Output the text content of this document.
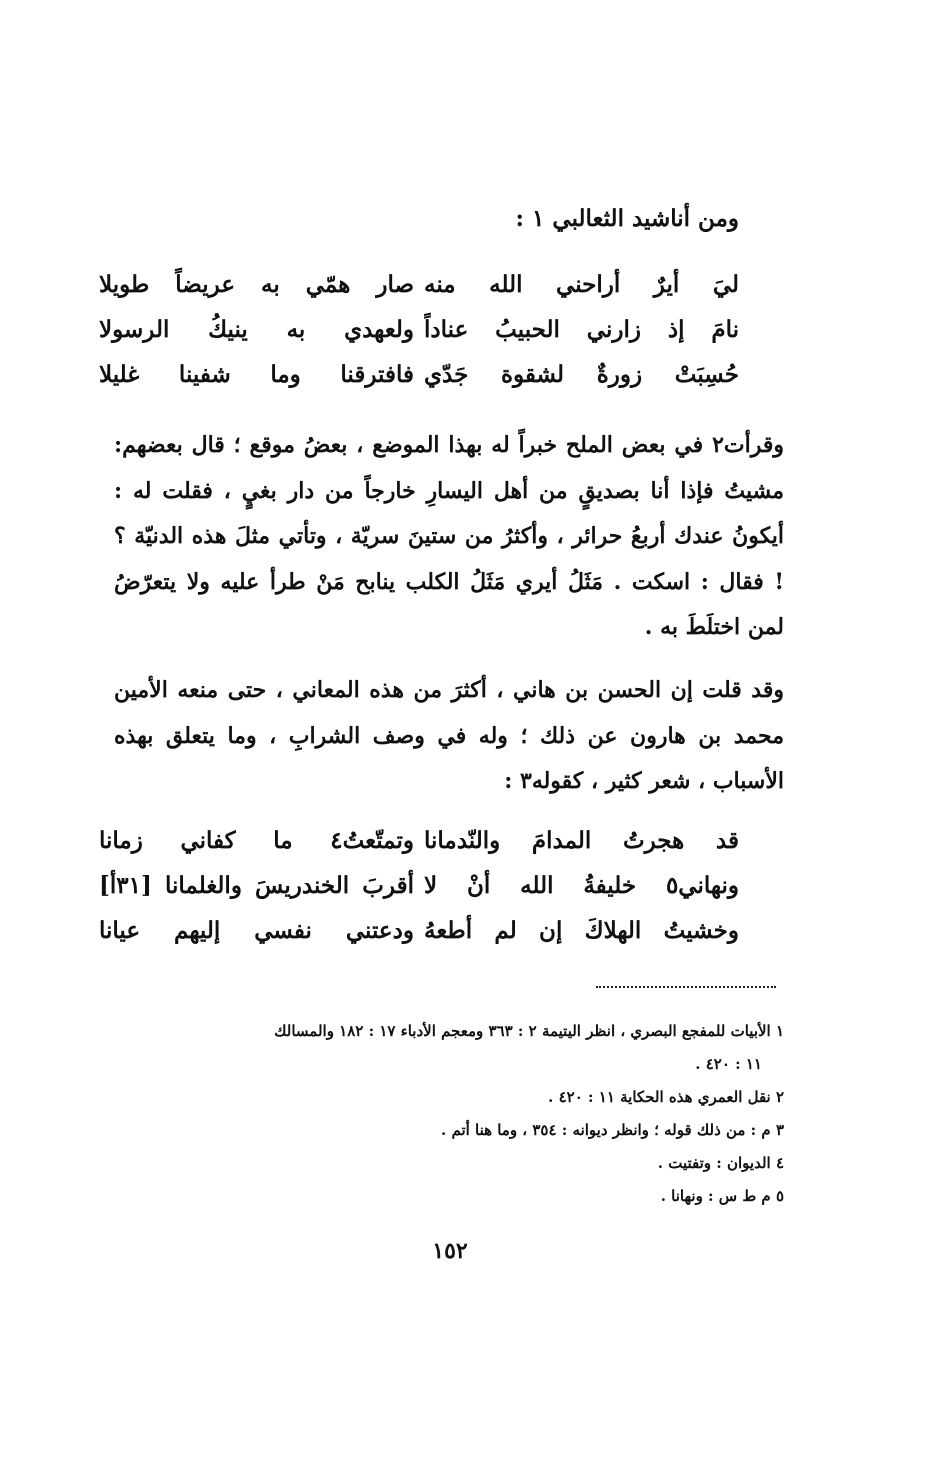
ومن أناشيد الثعالبي ١ :
ليَ أيرٌ أراحني الله منه
صار همّي به عريضاً طويلا
نامَ إذ زارني الحبيبُ عناداً
ولعهدي به ينيكُ الرسولا
حُسِبَتْ زورةٌ لشقوة جَدّي
فافترقنا وما شفينا غليلا

وقرأت٢ في بعض الملح خبراً له بهذا الموضع ، بعضُ موقع ؛ قال بعضهم: مشيتُ فإذا أنا بصديقٍ من أهل اليسارِ خارجاً من دار بغيٍ ، فقلت له : أيكونُ عندك أربعُ حرائر ، وأكثرُ من ستينَ سريّة ، وتأتي مثلَ هذه الدنيّة ؟ ! فقال : اسكت . مَثَلُ أيري مَثَلُ الكلب ينابح مَنْ طرأ عليه ولا يتعرّضُ لمن اختلَطَ به .

وقد قلت إن الحسن بن هاني ، أكثرَ من هذه المعاني ، حتى منعه الأمين محمد بن هارون عن ذلك ؛ وله في وصف الشرابِ ، وما يتعلق بهذه الأسباب ، شعر كثير ، كقوله٣ :

قد هجرتُ المدامَ والنّدمانا
وتمتّعتُ٤ ما كفاني زمانا
ونهاني٥ خليفةُ الله أنْ لا
أقربَ الخندريسَ والغلمانا [٣١أ]
وخشيتُ الهلاكَ إن لم أطعهُ
ودعتني نفسي إليهم عيانا
١ الأبيات للمفجع البصري ، انظر اليتيمة ٢ : ٣٦٣ ومعجم الأدباء ١٧ : ١٨٢ والمسالك
١١ : ٤٢٠ .
٢ نقل العمري هذه الحكاية ١١ : ٤٢٠ .
٣ م : من ذلك قوله ؛ وانظر ديوانه : ٣٥٤ ، وما هنا أتم .
٤ الديوان : وتفتيت .
٥ م ط س : ونهانا .
١٥٢
